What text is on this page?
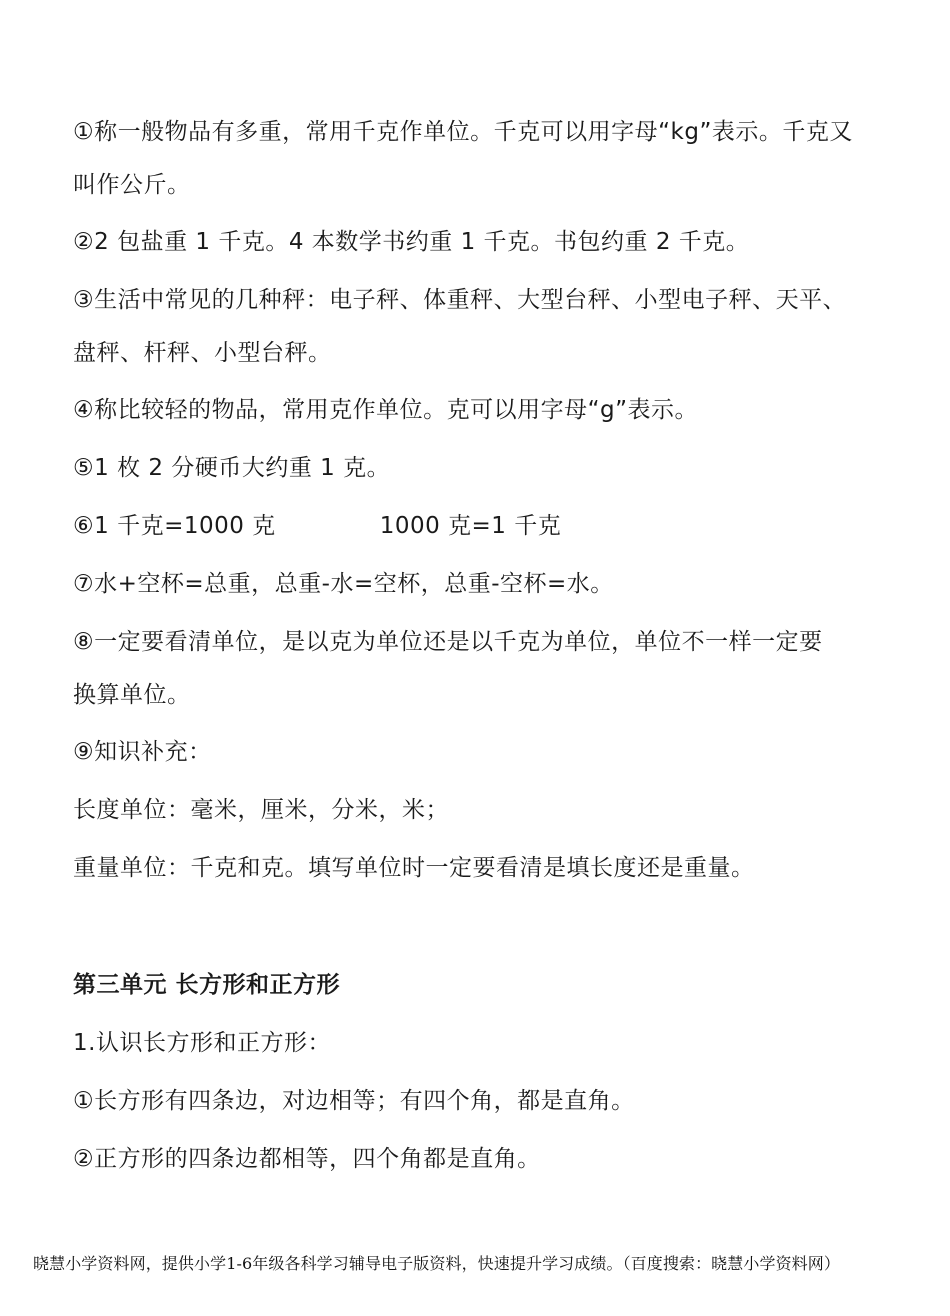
①称一般物品有多重，常用千克作单位。千克可以用字母“kg”表示。千克又
叫作公斤。
②2 包盐重 1 千克。4 本数学书约重 1 千克。书包约重 2 千克。
③生活中常见的几种秤：电子秤、体重秤、大型台秤、小型电子秤、天平、
盘秤、杆秤、小型台秤。
④称比较轻的物品，常用克作单位。克可以用字母“g”表示。
⑤1 枚 2 分硬币大约重 1 克。
⑥1 千克=1000 克	1000 克=1 千克
⑦水+空杯=总重，总重-水=空杯，总重-空杯=水。
⑧一定要看清单位，是以克为单位还是以千克为单位，单位不一样一定要
换算单位。
⑨知识补充：
长度单位：毫米，厘米，分米，米；
重量单位：千克和克。填写单位时一定要看清是填长度还是重量。
第三单元 长方形和正方形
1.认识长方形和正方形：
①长方形有四条边，对边相等；有四个角，都是直角。
②正方形的四条边都相等，四个角都是直角。
晓慧小学资料网，提供小学1-6年级各科学习辅导电子版资料，快速提升学习成绩。（百度搜索：晓慧小学资料网）
